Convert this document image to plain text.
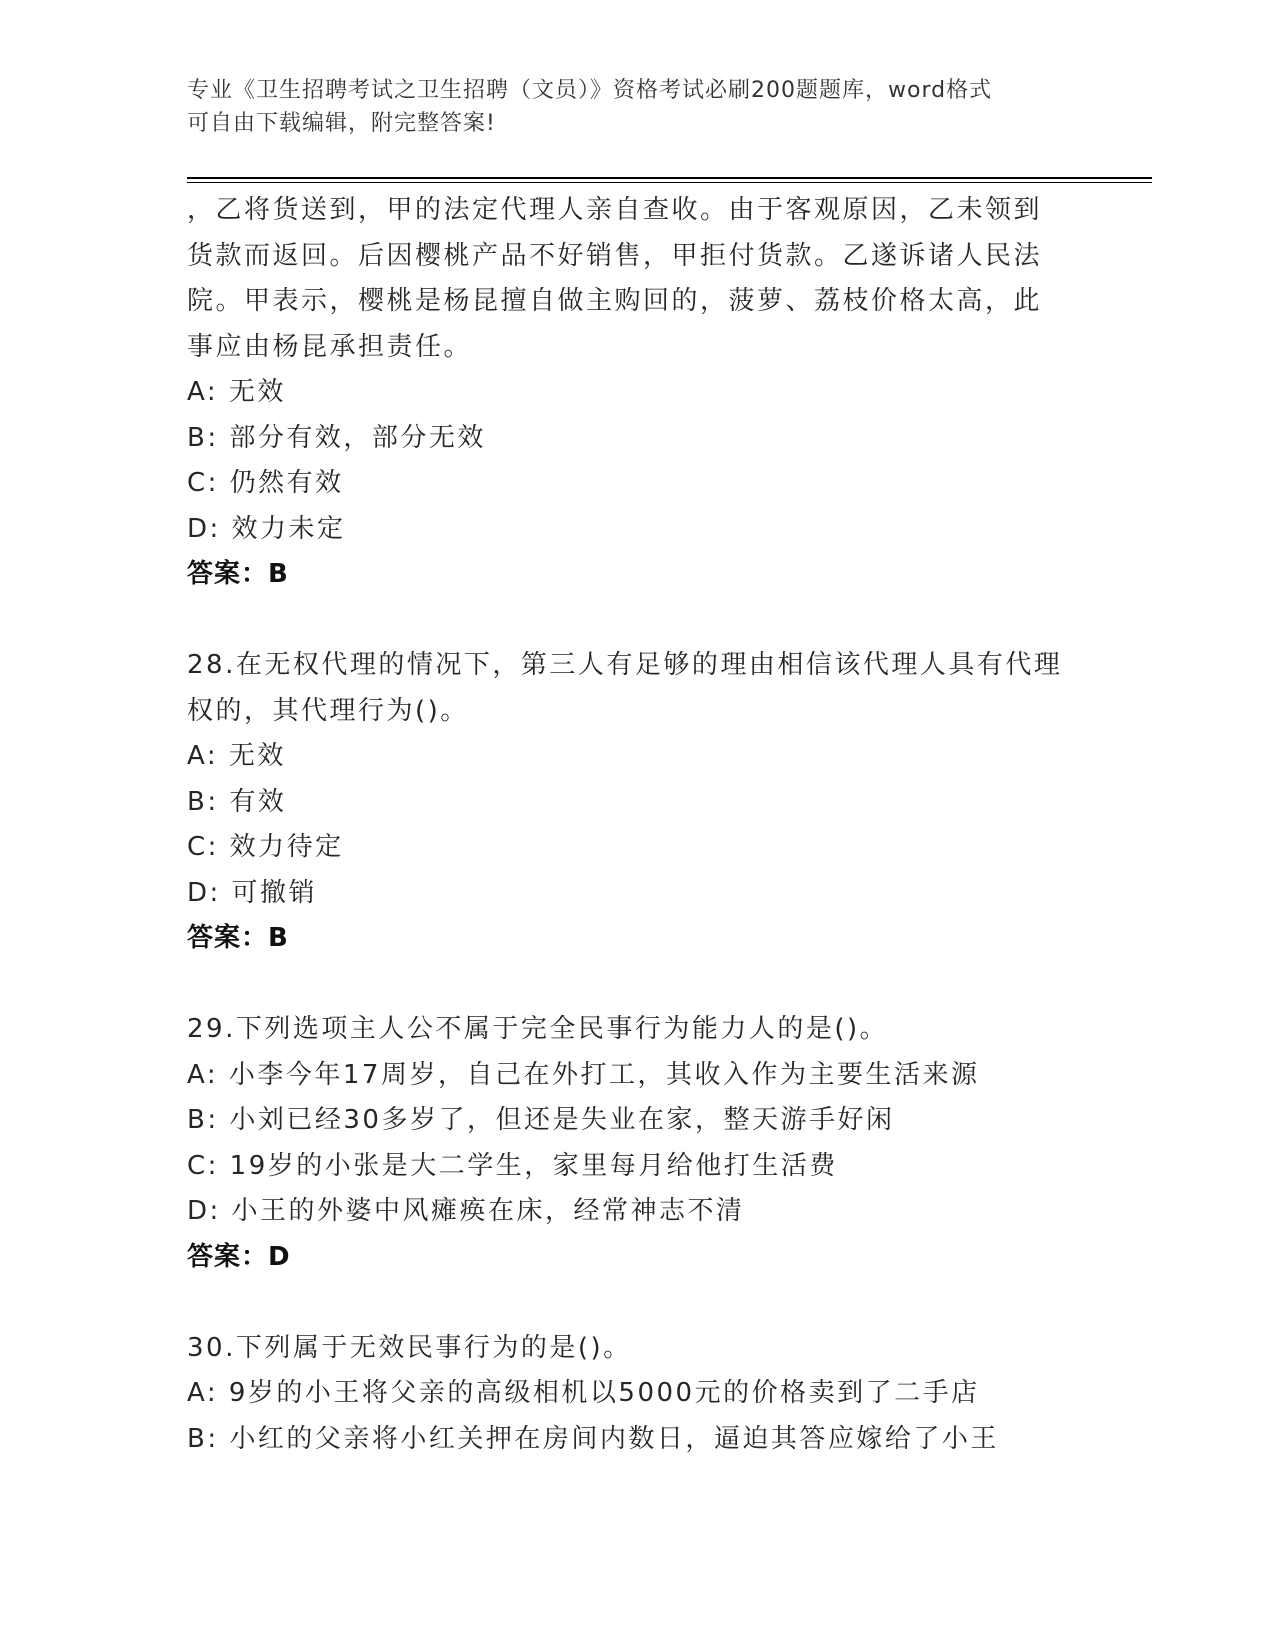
专业《卫生招聘考试之卫生招聘（文员）》资格考试必刷200题题库，word格式
可自由下载编辑，附完整答案!
，乙将货送到，甲的法定代理人亲自查收。由于客观原因，乙未领到
货款而返回。后因樱桃产品不好销售，甲拒付货款。乙遂诉诸人民法
院。甲表示，樱桃是杨昆擅自做主购回的，菠萝、荔枝价格太高，此
事应由杨昆承担责任。
A: 无效
B: 部分有效，部分无效
C: 仍然有效
D: 效力未定
答案：B
28.在无权代理的情况下，第三人有足够的理由相信该代理人具有代理
权的，其代理行为()。
A: 无效
B: 有效
C: 效力待定
D: 可撤销
答案：B
29.下列选项主人公不属于完全民事行为能力人的是()。
A: 小李今年17周岁，自己在外打工，其收入作为主要生活来源
B: 小刘已经30多岁了，但还是失业在家，整天游手好闲
C: 19岁的小张是大二学生，家里每月给他打生活费
D: 小王的外婆中风瘫痪在床，经常神志不清
答案：D
30.下列属于无效民事行为的是()。
A: 9岁的小王将父亲的高级相机以5000元的价格卖到了二手店
B: 小红的父亲将小红关押在房间内数日，逼迫其答应嫁给了小王
